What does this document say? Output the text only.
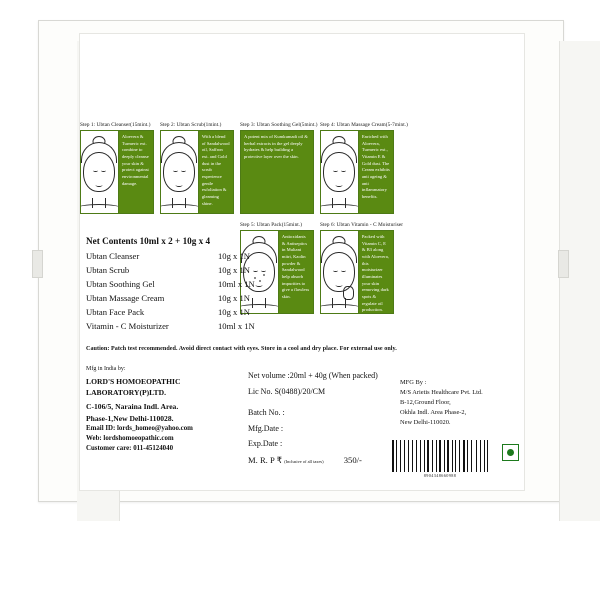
Step 1: Ubtan Cleanser(15mint.)
Aloevera & Turmeric ext. combine to deeply cleanse your skin & protect against environmental damage.
Step 2: Ubtan Scrub(1mint.)
With a blend of Sandalwood oil, Saffron ext. and Gold dust in the scrub experience gentle exfoliation & gleaming shine.
Step 3: Ubtan Soothing Gel(5mint.)
A potent mix of Kumkumadi oil & herbal extracts in the gel deeply hydrates & help building a protective layer over the skin.
Step 4: Ubtan Massage Cream(5-7mint.)
Enriched with Aloevera, Turmeric ext., Vitamin E & Gold dust. The Cream exhibits anti ageing & anti inflammatory benefits.
Step 5: Ubtan Pack(15mint.)
Antioxidants & Antiseptics in Multani mitri, Kaolin powder & Sandalwood help absorb impurities to give a flawless skin.
Step 6: Ubtan Vitamin - C Moisturiser
Packed with Vitamin C, E & B3 along with Aloevera, this moisturizer illuminates your skin removing dark spots & regulate oil production.
Net Contents 10ml x 2 + 10g x 4
Ubtan Cleanser	10g x 1N
Ubtan Scrub	10g x 1N
Ubtan Soothing Gel	10ml x 1N
Ubtan Massage Cream	10g x 1N
Ubtan Face Pack	10g x 1N
Vitamin - C Moisturizer	10ml x 1N
Caution: Patch test recommended. Avoid direct contact with eyes. Store in a cool and dry place. For external use only.
Mfg in India by:
LORD'S HOMOEOPATHIC
LABORATORY(P)LTD.
C-106/5, Naraina Indl. Area.
Phase-1,New Delhi-110028.
Email ID: lords_homeo@yahoo.com
Web: lordshomoeopathic.com
Customer care: 011-45124040
Net volume :20ml + 40g (When packed)
Lic No. S(0488)/20/CM
Batch No. :
Mfg.Date :
Exp.Date :
M. R. P ₹ (Inclusive of all taxes) 350/-
MFG By :
M/S Arietis Healthcare Pvt. Ltd.
B-12,Ground Floor,
Okhla Indl. Area Phase-2,
New Delhi-110020.
8904348660988
